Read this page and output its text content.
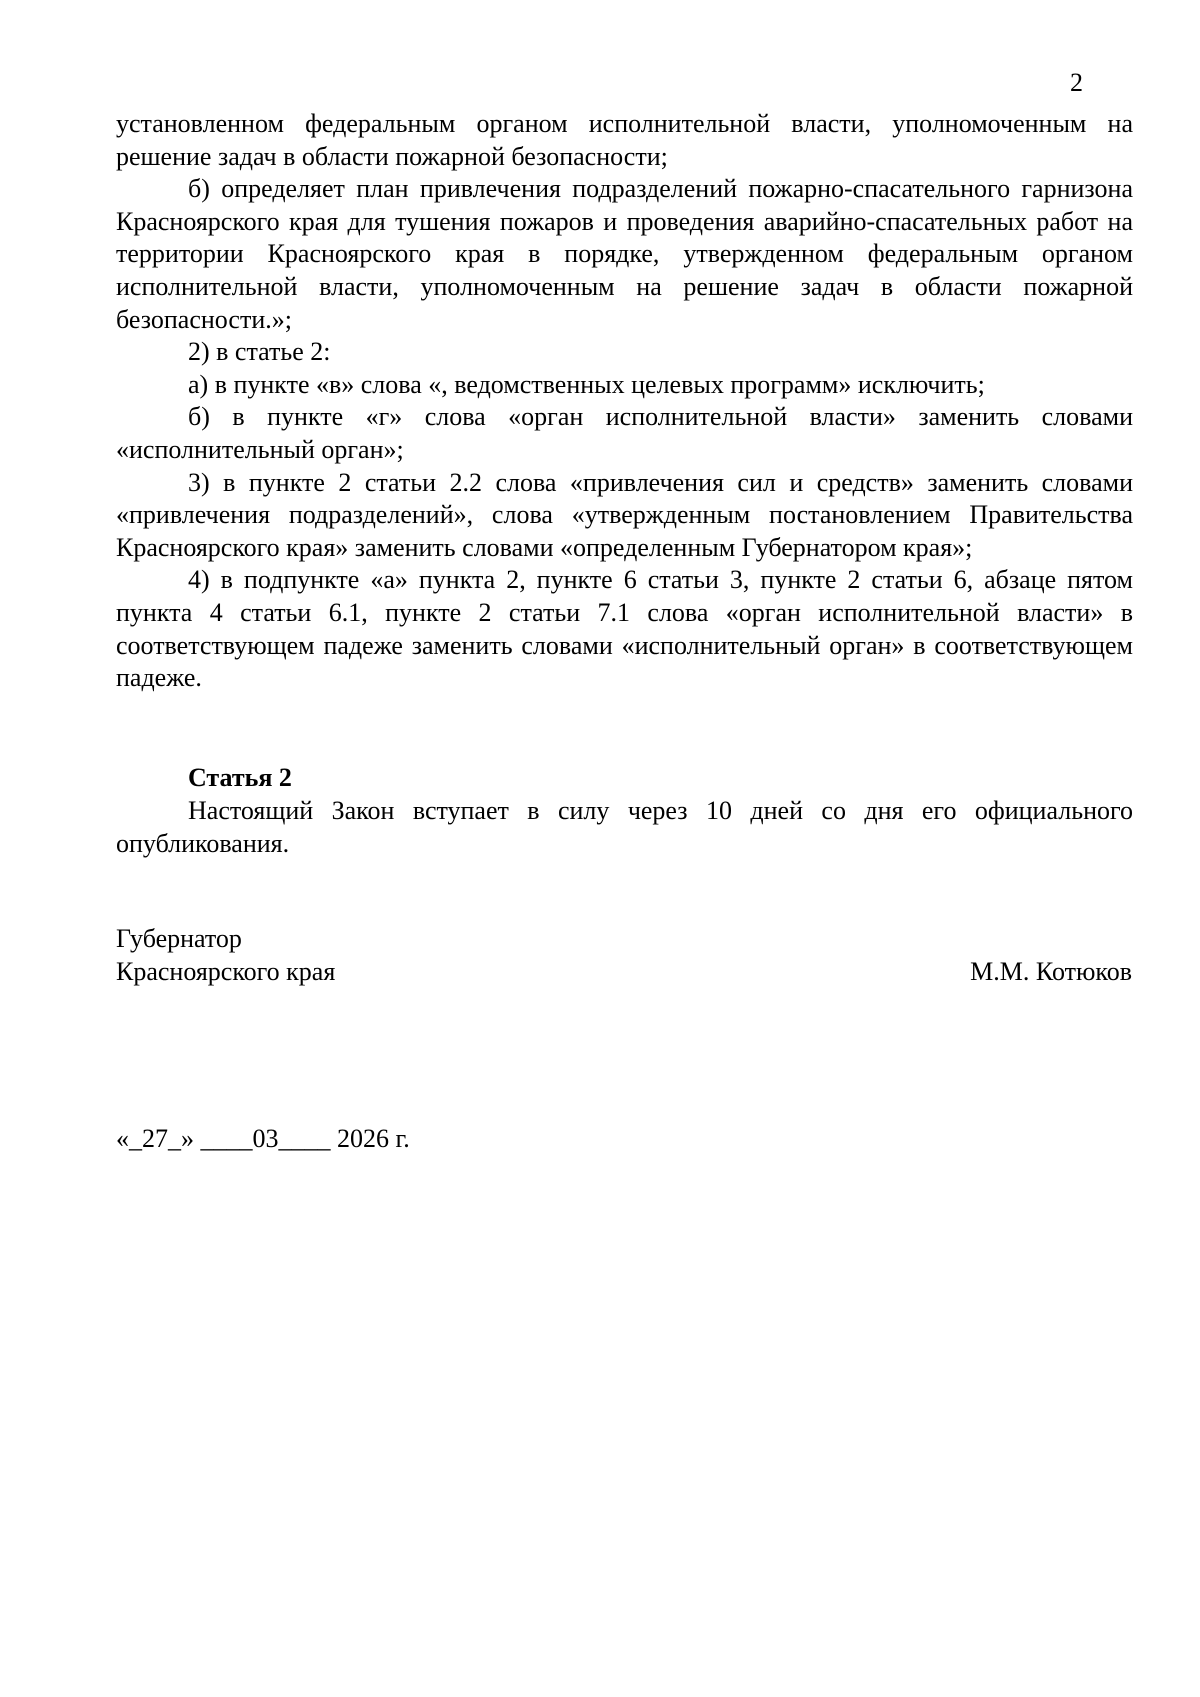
2

установленном федеральным органом исполнительной власти, уполномоченным на решение задач в области пожарной безопасности;

б) определяет план привлечения подразделений пожарно-спасательного гарнизона Красноярского края для тушения пожаров и проведения аварийно-спасательных работ на территории Красноярского края в порядке, утвержденном федеральным органом исполнительной власти, уполномоченным на решение задач в области пожарной безопасности.»;

2) в статье 2:

а) в пункте «в» слова «, ведомственных целевых программ» исключить;

б) в пункте «г» слова «орган исполнительной власти» заменить словами «исполнительный орган»;

3) в пункте 2 статьи 2.2 слова «привлечения сил и средств» заменить словами «привлечения подразделений», слова «утвержденным постановлением Правительства Красноярского края» заменить словами «определенным Губернатором края»;

4) в подпункте «а» пункта 2, пункте 6 статьи 3, пункте 2 статьи 6, абзаце пятом пункта 4 статьи 6.1, пункте 2 статьи 7.1 слова «орган исполнительной власти» в соответствующем падеже заменить словами «исполнительный орган» в соответствующем падеже.

Статья 2

Настоящий Закон вступает в силу через 10 дней со дня его официального опубликования.

Губернатор
Красноярского края	М.М. Котюков
«_27_» ____03____ 2026 г.
